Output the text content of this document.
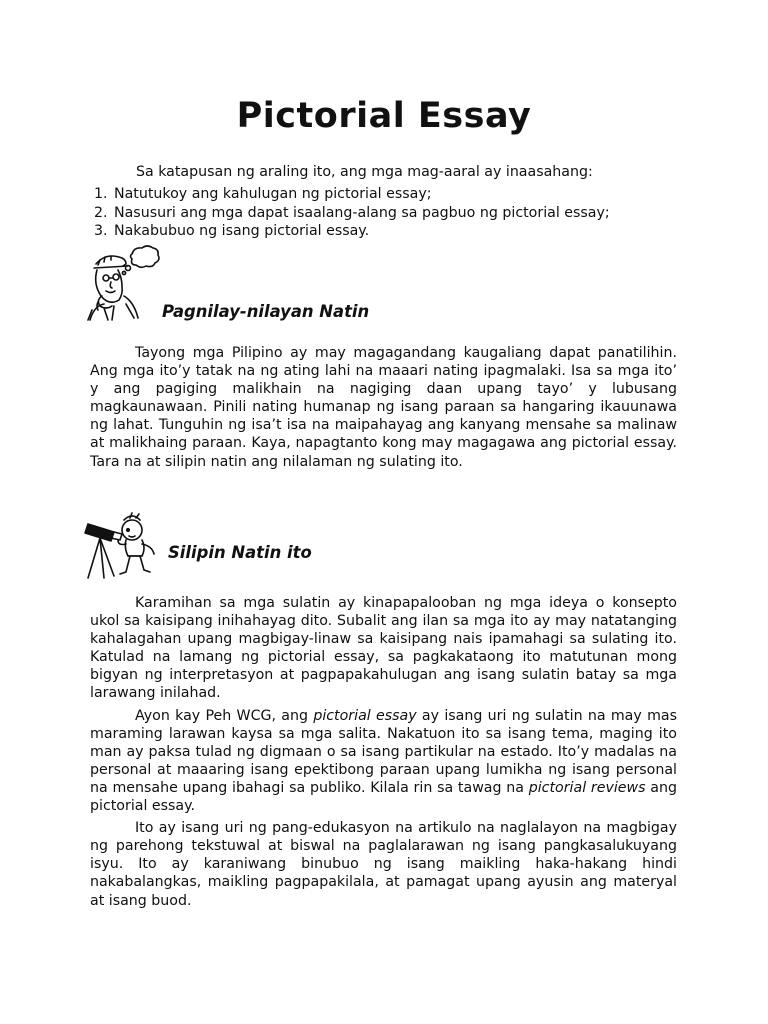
Pictorial Essay

Sa katapusan ng araling ito, ang mga mag-aaral ay inaasahang:

1. Natutukoy ang kahulugan ng pictorial essay;
2. Nasusuri ang mga dapat isaalang-alang sa pagbuo ng pictorial essay;
3. Nakabubuo ng isang pictorial essay.
Pagnilay-nilayan Natin

Tayong mga Pilipino ay may magagandang kaugaliang dapat panatilihin. Ang mga ito’y tatak na ng ating lahi na maaari nating ipagmalaki. Isa sa mga ito’ y ang pagiging malikhain na nagiging daan upang tayo’ y lubusang magkaunawaan. Pinili nating humanap ng isang paraan sa hangaring ikauunawa ng lahat. Tunguhin ng isa’t isa na maipahayag ang kanyang mensahe sa malinaw at malikhaing paraan. Kaya, napagtanto kong may magagawa ang pictorial essay. Tara na at silipin natin ang nilalaman ng sulating ito.

Silipin Natin ito

Karamihan sa mga sulatin ay kinapapalooban ng mga ideya o konsepto ukol sa kaisipang inihahayag dito. Subalit ang ilan sa mga ito ay may natatanging kahalagahan upang magbigay-linaw sa kaisipang nais ipamahagi sa sulating ito. Katulad na lamang ng pictorial essay, sa pagkakataong ito matutunan mong bigyan ng interpretasyon at pagpapakahulugan ang isang sulatin batay sa mga larawang inilahad.

Ayon kay Peh WCG, ang pictorial essay ay isang uri ng sulatin na may mas maraming larawan kaysa sa mga salita. Nakatuon ito sa isang tema, maging ito man ay paksa tulad ng digmaan o sa isang partikular na estado. Ito’y madalas na personal at maaaring isang epektibong paraan upang lumikha ng isang personal na mensahe upang ibahagi sa publiko. Kilala rin sa tawag na pictorial reviews ang pictorial essay.

Ito ay isang uri ng pang-edukasyon na artikulo na naglalayon na magbigay ng parehong tekstuwal at biswal na paglalarawan ng isang pangkasalukuyang isyu. Ito ay karaniwang binubuo ng isang maikling haka-hakang hindi nakabalangkas, maikling pagpapakilala, at pamagat upang ayusin ang materyal at isang buod.
